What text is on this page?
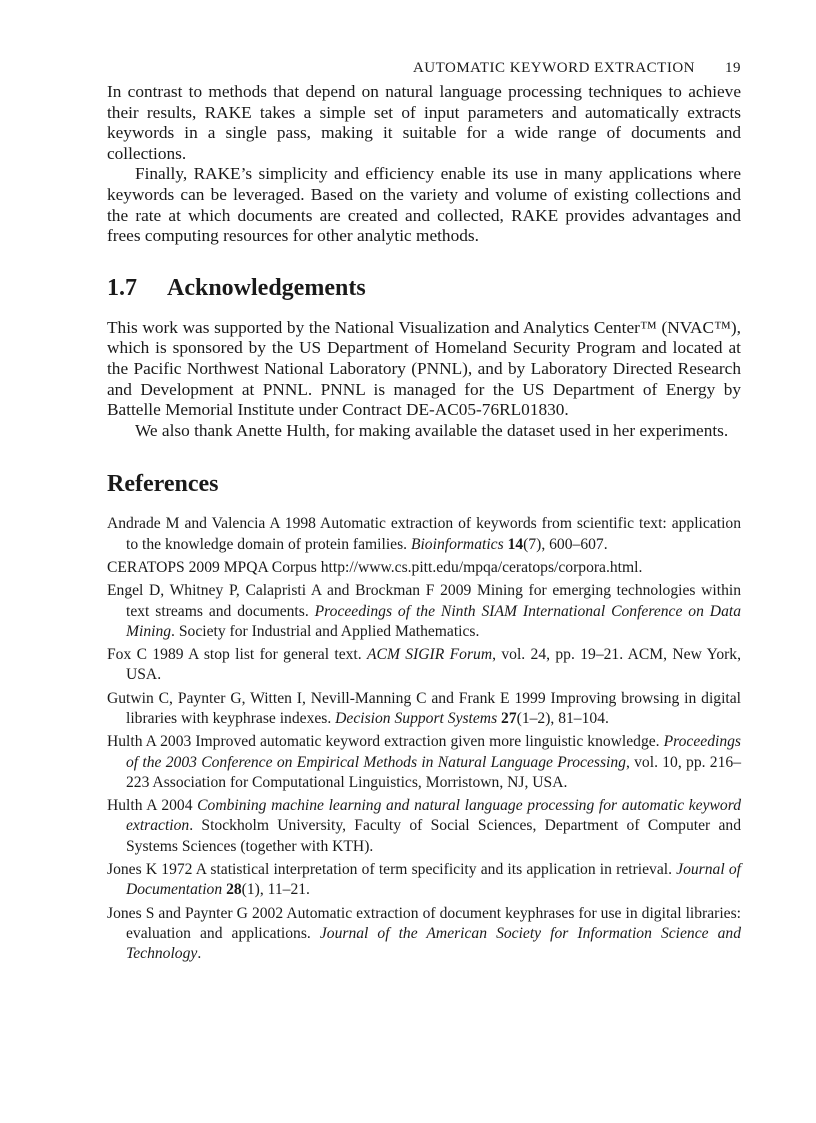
AUTOMATIC KEYWORD EXTRACTION 19

In contrast to methods that depend on natural language processing techniques to achieve their results, RAKE takes a simple set of input parameters and automatically extracts keywords in a single pass, making it suitable for a wide range of documents and collections.

Finally, RAKE’s simplicity and efficiency enable its use in many applications where keywords can be leveraged. Based on the variety and volume of existing collections and the rate at which documents are created and collected, RAKE provides advantages and frees computing resources for other analytic methods.

1.7 Acknowledgements

This work was supported by the National Visualization and Analytics Center™ (NVAC™), which is sponsored by the US Department of Homeland Security Program and located at the Pacific Northwest National Laboratory (PNNL), and by Laboratory Directed Research and Development at PNNL. PNNL is managed for the US Department of Energy by Battelle Memorial Institute under Contract DE-AC05-76RL01830.

We also thank Anette Hulth, for making available the dataset used in her experiments.

References
Andrade M and Valencia A 1998 Automatic extraction of keywords from scientific text: application to the knowledge domain of protein families. Bioinformatics 14(7), 600–607.
CERATOPS 2009 MPQA Corpus http://www.cs.pitt.edu/mpqa/ceratops/corpora.html.
Engel D, Whitney P, Calapristi A and Brockman F 2009 Mining for emerging technologies within text streams and documents. Proceedings of the Ninth SIAM International Conference on Data Mining. Society for Industrial and Applied Mathematics.
Fox C 1989 A stop list for general text. ACM SIGIR Forum, vol. 24, pp. 19–21. ACM, New York, USA.
Gutwin C, Paynter G, Witten I, Nevill-Manning C and Frank E 1999 Improving browsing in digital libraries with keyphrase indexes. Decision Support Systems 27(1–2), 81–104.
Hulth A 2003 Improved automatic keyword extraction given more linguistic knowledge. Proceedings of the 2003 Conference on Empirical Methods in Natural Language Processing, vol. 10, pp. 216–223 Association for Computational Linguistics, Morristown, NJ, USA.
Hulth A 2004 Combining machine learning and natural language processing for automatic keyword extraction. Stockholm University, Faculty of Social Sciences, Department of Computer and Systems Sciences (together with KTH).
Jones K 1972 A statistical interpretation of term specificity and its application in retrieval. Journal of Documentation 28(1), 11–21.
Jones S and Paynter G 2002 Automatic extraction of document keyphrases for use in digital libraries: evaluation and applications. Journal of the American Society for Information Science and Technology.
